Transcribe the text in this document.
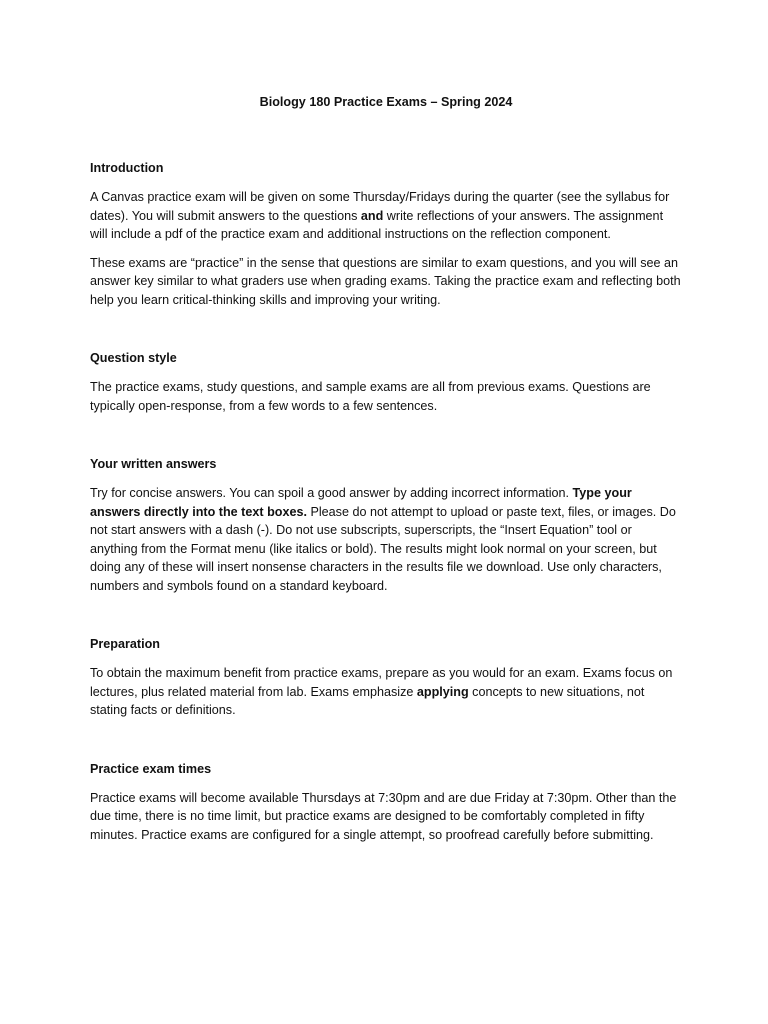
Biology 180 Practice Exams – Spring 2024
Introduction

A Canvas practice exam will be given on some Thursday/Fridays during the quarter (see the syllabus for dates). You will submit answers to the questions and write reflections of your answers. The assignment will include a pdf of the practice exam and additional instructions on the reflection component.

These exams are “practice” in the sense that questions are similar to exam questions, and you will see an answer key similar to what graders use when grading exams. Taking the practice exam and reflecting both help you learn critical-thinking skills and improving your writing.

Question style

The practice exams, study questions, and sample exams are all from previous exams. Questions are typically open-response, from a few words to a few sentences.

Your written answers

Try for concise answers. You can spoil a good answer by adding incorrect information. Type your answers directly into the text boxes. Please do not attempt to upload or paste text, files, or images. Do not start answers with a dash (-). Do not use subscripts, superscripts, the “Insert Equation” tool or anything from the Format menu (like italics or bold). The results might look normal on your screen, but doing any of these will insert nonsense characters in the results file we download. Use only characters, numbers and symbols found on a standard keyboard.

Preparation

To obtain the maximum benefit from practice exams, prepare as you would for an exam. Exams focus on lectures, plus related material from lab. Exams emphasize applying concepts to new situations, not stating facts or definitions.

Practice exam times

Practice exams will become available Thursdays at 7:30pm and are due Friday at 7:30pm. Other than the due time, there is no time limit, but practice exams are designed to be comfortably completed in fifty minutes. Practice exams are configured for a single attempt, so proofread carefully before submitting.
